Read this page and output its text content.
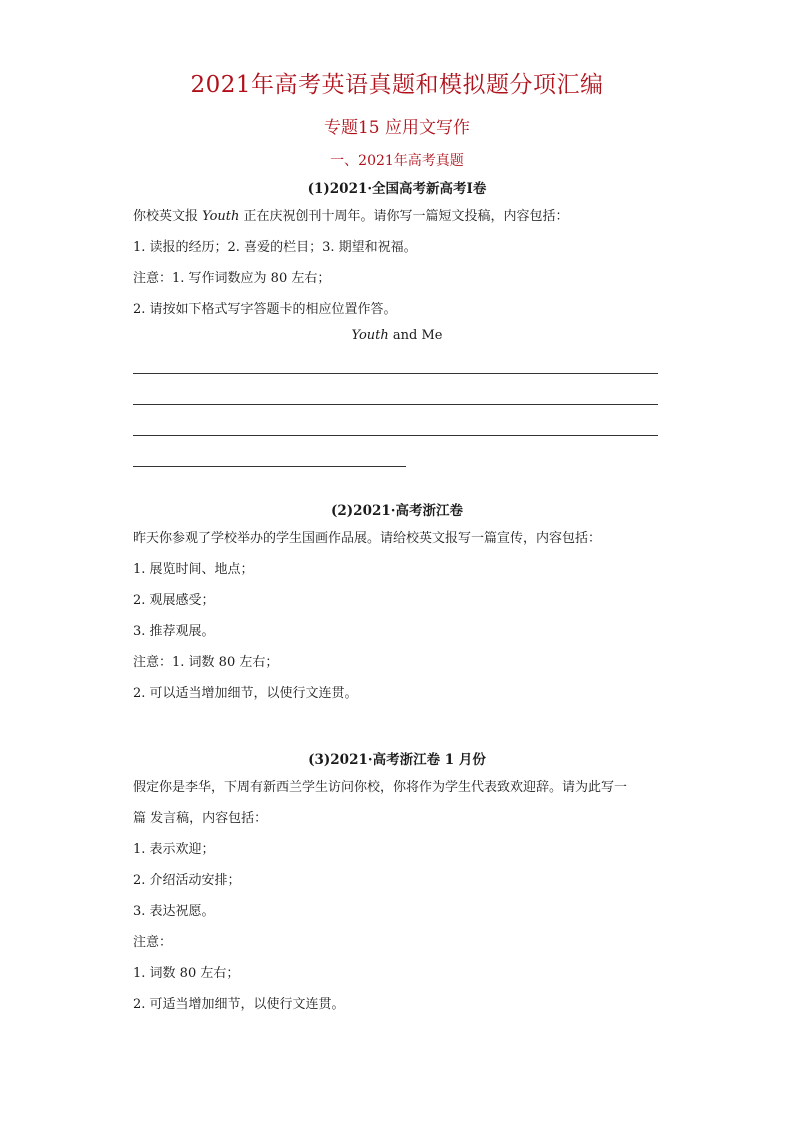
2021年高考英语真题和模拟题分项汇编
专题15 应用文写作
一、2021年高考真题
(1)2021·全国高考新高考Ⅰ卷
你校英文报 Youth 正在庆祝创刊十周年。请你写一篇短文投稿，内容包括：
1. 读报的经历；2. 喜爱的栏目；3. 期望和祝福。
注意：1. 写作词数应为 80 左右；
2. 请按如下格式写字答题卡的相应位置作答。
Youth and Me
(2)2021·高考浙江卷
昨天你参观了学校举办的学生国画作品展。请给校英文报写一篇宣传，内容包括：
1. 展览时间、地点；
2. 观展感受；
3. 推荐观展。
注意：1. 词数 80 左右；
2. 可以适当增加细节，以使行文连贯。
(3)2021·高考浙江卷 1 月份
假定你是李华，下周有新西兰学生访问你校，你将作为学生代表致欢迎辞。请为此写一
篇 发言稿，内容包括：
1. 表示欢迎；
2. 介绍活动安排；
3. 表达祝愿。
注意：
1. 词数 80 左右；
2. 可适当增加细节，以使行文连贯。
